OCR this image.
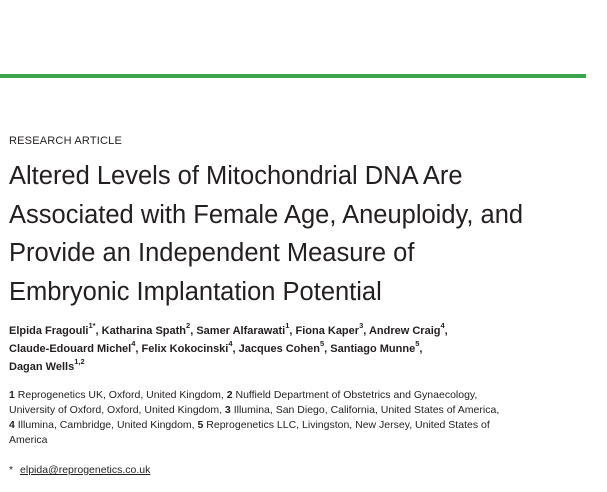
RESEARCH ARTICLE
Altered Levels of Mitochondrial DNA Are
Associated with Female Age, Aneuploidy, and
Provide an Independent Measure of
Embryonic Implantation Potential
Elpida Fragouli$^{1*}$, Katharina Spath$^2$, Samer Alfarawati$^1$, Fiona Kaper$^3$, Andrew Craig$^4$,
Claude-Edouard Michel$^4$, Felix Kokocinski$^4$, Jacques Cohen$^5$, Santiago Munne$^5$,
Dagan Wells$^{1,2}$
1 Reprogenetics UK, Oxford, United Kingdom, 2 Nuffield Department of Obstetrics and Gynaecology,
University of Oxford, Oxford, United Kingdom, 3 Illumina, San Diego, California, United States of America,
4 Illumina, Cambridge, United Kingdom, 5 Reprogenetics LLC, Livingston, New Jersey, United States of
America
* elpida@reprogenetics.co.uk
